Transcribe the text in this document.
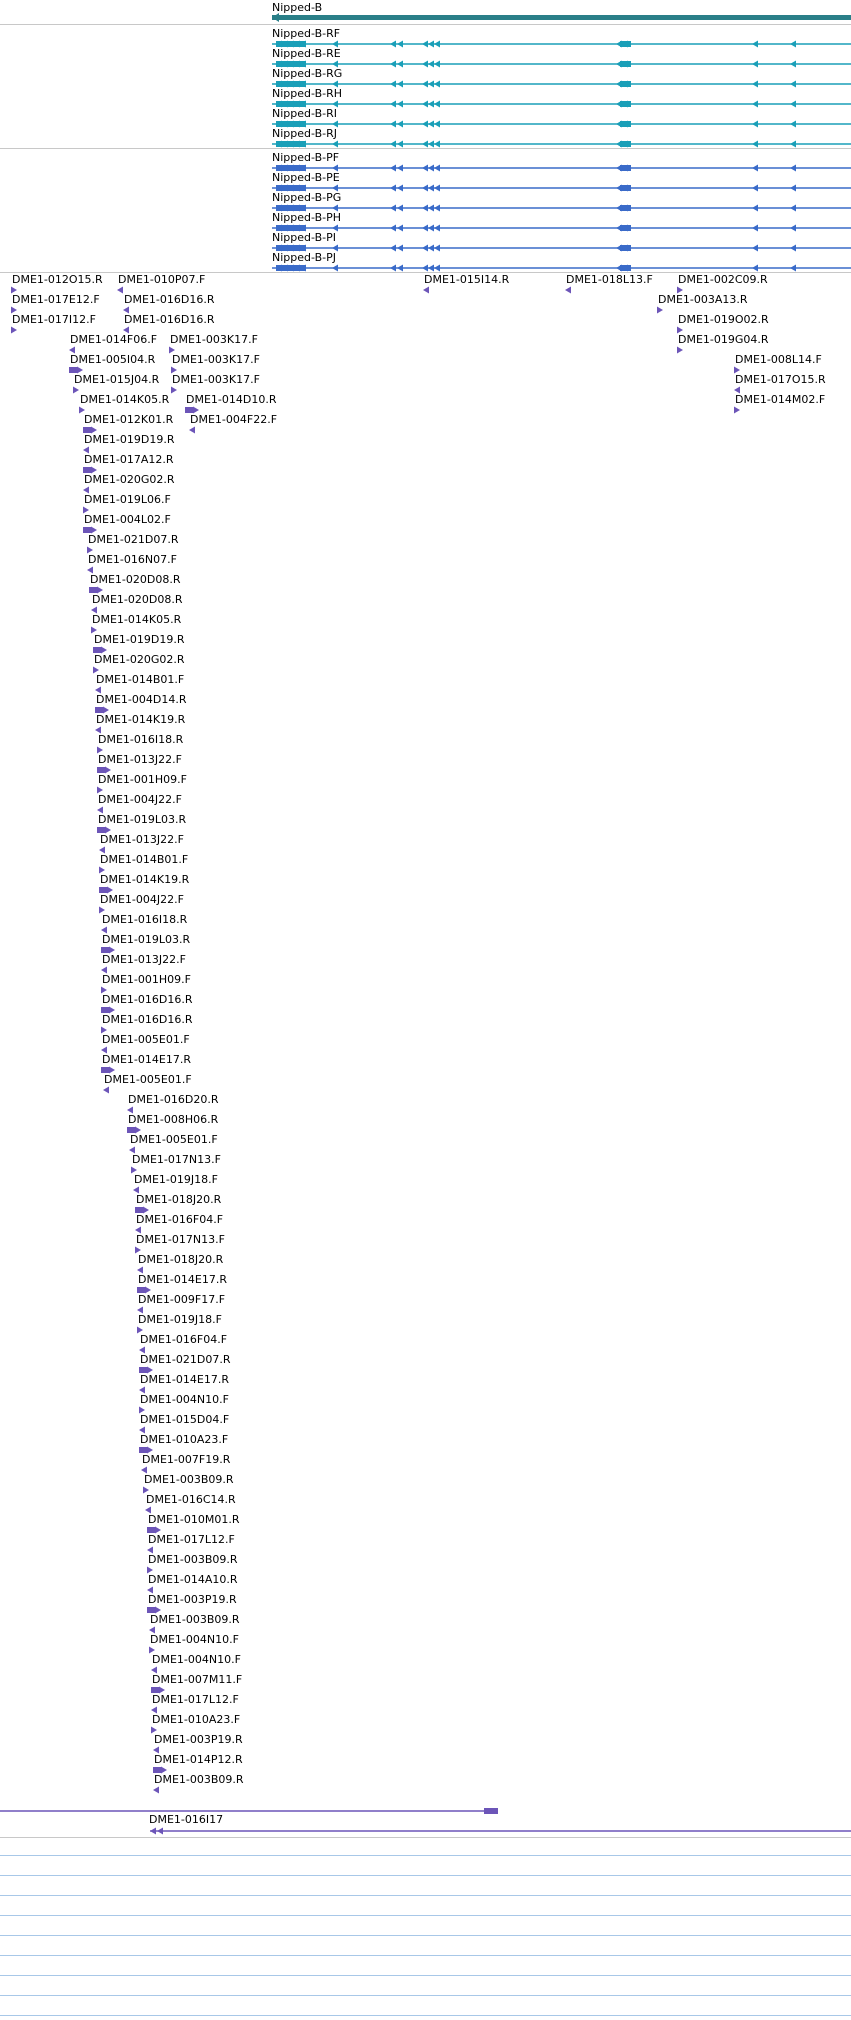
Nipped-B
Nipped-B-RF
Nipped-B-RE
Nipped-B-RG
Nipped-B-RH
Nipped-B-RI
Nipped-B-RJ
Nipped-B-PF
Nipped-B-PE
Nipped-B-PG
Nipped-B-PH
Nipped-B-PI
Nipped-B-PJ
DME1-012O15.R DME1-010P07.F	DME1-015I14.R	DME1-018L13.F DME1-002C09.R
DME1-017E12.F DME1-016D16.R	DME1-003A13.R
DME1-017I12.F	DME1-016D16.R	DME1-019O02.R
DME1-014F06.F DME1-003K17.F	DME1-019G04.R
DME1-005I04.R DME1-003K17.F	DME1-008L14.F
DME1-015J04.R DME1-003K17.F	DME1-017O15.R
DME1-014K05.R DME1-014D10.R	DME1-014M02.F
DME1-012K01.R DME1-004F22.F
DME1-019D19.R
DME1-017A12.R
DME1-020G02.R
DME1-019L06.F
DME1-004L02.F
DME1-021D07.R
DME1-016N07.F
DME1-020D08.R
DME1-020D08.R
DME1-014K05.R
DME1-019D19.R
DME1-020G02.R
DME1-014B01.F
DME1-004D14.R
DME1-014K19.R
DME1-016I18.R
DME1-013J22.F
DME1-001H09.F
DME1-004J22.F
DME1-019L03.R
DME1-013J22.F
DME1-014B01.F
DME1-014K19.R
DME1-004J22.F
DME1-016I18.R
DME1-019L03.R
DME1-013J22.F
DME1-001H09.F
DME1-016D16.R
DME1-016D16.R
DME1-005E01.F
DME1-014E17.R
DME1-005E01.F
DME1-016D20.R
DME1-008H06.R
DME1-005E01.F
DME1-017N13.F
DME1-019J18.F
DME1-018J20.R
DME1-016F04.F
DME1-017N13.F
DME1-018J20.R
DME1-014E17.R
DME1-009F17.F
DME1-019J18.F
DME1-016F04.F
DME1-021D07.R
DME1-014E17.R
DME1-004N10.F
DME1-015D04.F
DME1-010A23.F
DME1-007F19.R
DME1-003B09.R
DME1-016C14.R
DME1-010M01.R
DME1-017L12.F
DME1-003B09.R
DME1-014A10.R
DME1-003P19.R
DME1-003B09.R
DME1-004N10.F
DME1-004N10.F
DME1-007M11.F
DME1-017L12.F
DME1-010A23.F
DME1-003P19.R
DME1-014P12.R
DME1-003B09.R
DME1-016I17
